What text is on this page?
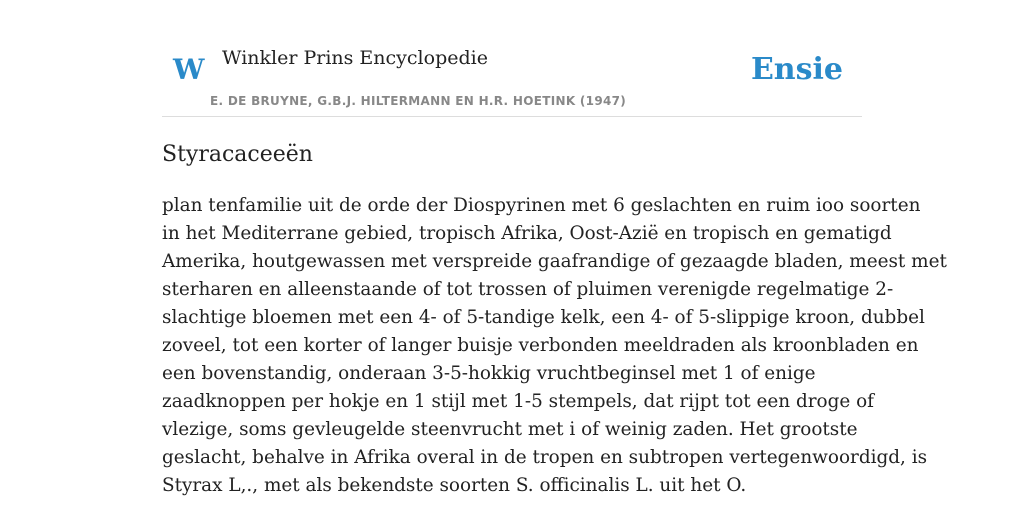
W Winkler Prins Encyclopedie
E. DE BRUYNE, G.B.J. HILTERMANN EN H.R. HOETINK (1947)
Ensie
Styracaceeën
plan tenfamilie uit de orde der Diospyrinen met 6 geslachten en ruim ioo soorten
in het Mediterrane gebied, tropisch Afrika, Oost-Azië en tropisch en gematigd
Amerika, houtgewassen met verspreide gaafrandige of gezaagde bladen, meest met
sterharen en alleenstaande of tot trossen of pluimen verenigde regelmatige 2-
slachtige bloemen met een 4- of 5-tandige kelk, een 4- of 5-slippige kroon, dubbel
zoveel, tot een korter of langer buisje verbonden meeldraden als kroonbladen en
een bovenstandig, onderaan 3-5-hokkig vruchtbeginsel met 1 of enige
zaadknoppen per hokje en 1 stijl met 1-5 stempels, dat rijpt tot een droge of
vlezige, soms gevleugelde steenvrucht met i of weinig zaden. Het grootste
geslacht, behalve in Afrika overal in de tropen en subtropen vertegenwoordigd, is
Styrax L,., met als bekendste soorten S. officinalis L. uit het O.
